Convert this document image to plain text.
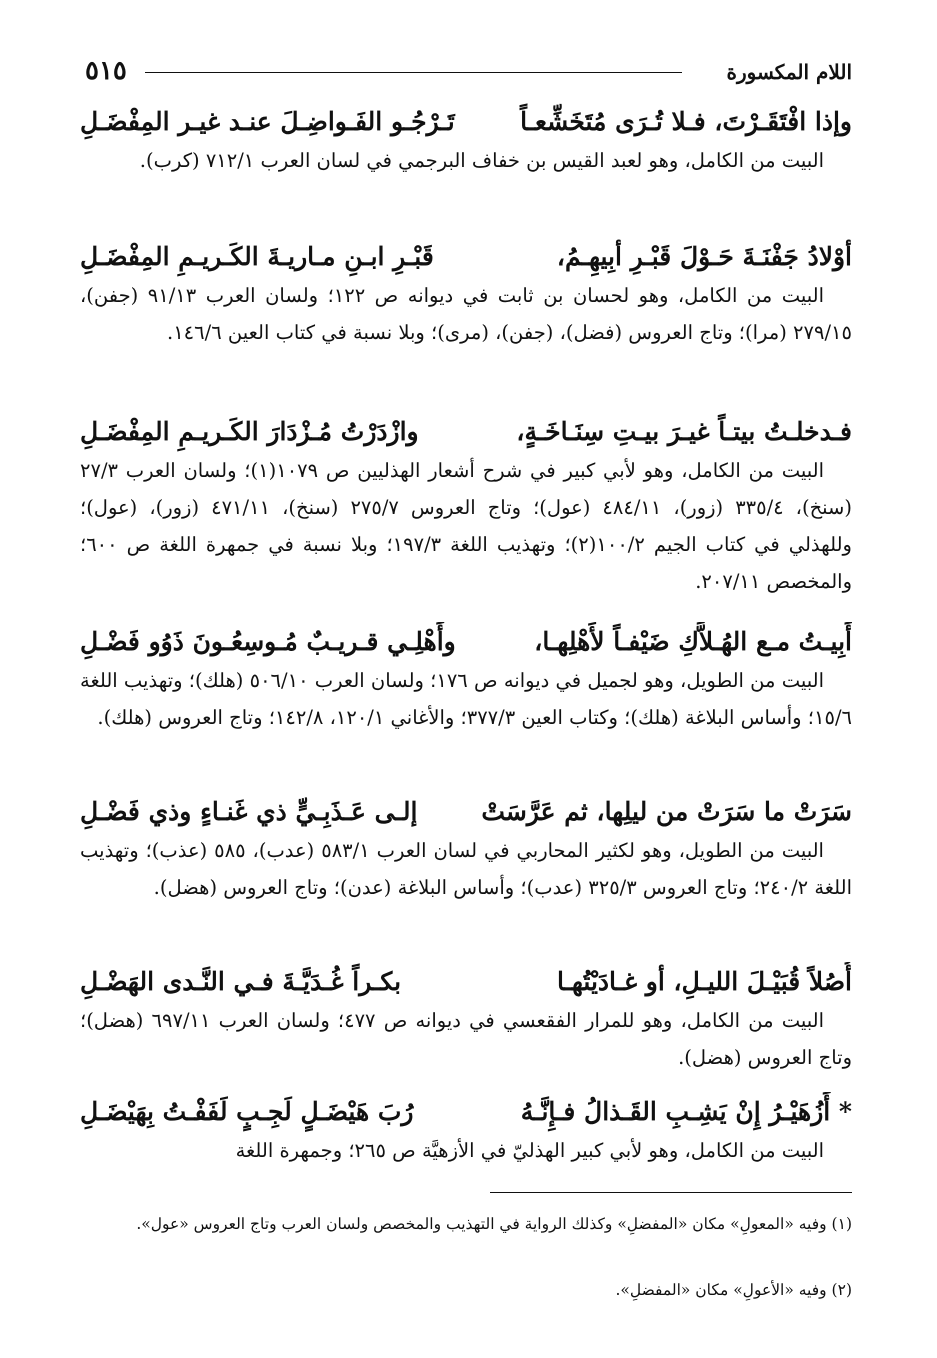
اللام المكسورة
٥١٥
وإذا افْتَقَـرْتَ، فـلا تُـرَى مُتَخَشِّعـاً
تَـرْجُـو الفَـواضِـلَ عنـد غيـر المِفْضَـلِ
البيت من الكامل، وهو لعبد القيس بن خفاف البرجمي في لسان العرب ٧١٢/١ (كرب).
أوْلادُ جَفْنَـةَ حَـوْلَ قَبْـرِ أبِيهِـمُ،
قَبْـرِ ابـنِ مـاريـةَ الكَـريـمِ المِفْضَـلِ
البيت من الكامل، وهو لحسان بن ثابت في ديوانه ص ١٢٢؛ ولسان العرب ٩١/١٣ (جفن)، ٢٧٩/١٥ (مرا)؛ وتاج العروس (فضل)، (جفن)، (مرى)؛ وبلا نسبة في كتاب العين ١٤٦/٦.
فـدخلـتُ بيتـاً غيـرَ بيـتِ سِنَـاخَـةٍ،
وازْدَرْتُ مُـزْدَارَ الكَـريـمِ المِفْضَـلِ
البيت من الكامل، وهو لأبي كبير في شرح أشعار الهذليين ص ١٠٧٩(١)؛ ولسان العرب ٢٧/٣ (سنخ)، ٣٣٥/٤ (زور)، ٤٨٤/١١ (عول)؛ وتاج العروس ٢٧٥/٧ (سنخ)، ٤٧١/١١ (زور)، (عول)؛ وللهذلي في كتاب الجيم ١٠٠/٢(٢)؛ وتهذيب اللغة ١٩٧/٣؛ وبلا نسبة في جمهرة اللغة ص ٦٠٠؛ والمخصص ٢٠٧/١١.
أَبِيـتُ مـع الهُـلاَّكِ ضَيْفـاً لأَهْلِهـا،
وأَهْلِـي قـريـبٌ مُـوسِعُـونَ ذَوُو فَضْـلِ
البيت من الطويل، وهو لجميل في ديوانه ص ١٧٦؛ ولسان العرب ٥٠٦/١٠ (هلك)؛ وتهذيب اللغة ١٥/٦؛ وأساس البلاغة (هلك)؛ وكتاب العين ٣٧٧/٣؛ والأغاني ١٢٠/١، ١٤٢/٨؛ وتاج العروس (هلك).
سَرَتْ ما سَرَتْ من ليلِها، ثم عَرَّسَتْ
إلـى عَـذَبِـيٍّ ذي غَنـاءٍ وذي فَضْـلِ
البيت من الطويل، وهو لكثير المحاربي في لسان العرب ٥٨٣/١ (عدب)، ٥٨٥ (عذب)؛ وتهذيب اللغة ٢٤٠/٢؛ وتاج العروس ٣٢٥/٣ (عدب)؛ وأساس البلاغة (عدن)؛ وتاج العروس (هضل).
أُصُلاً قُبَيْـلَ الليـلِ، أو غـادَيْتُهـا
بكـراً غُـدَيَّـةَ فـي النَّـدى الهَضْـلِ
البيت من الكامل، وهو للمرار الفقعسي في ديوانه ص ٤٧٧؛ ولسان العرب ٦٩٧/١١ (هضل)؛ وتاج العروس (هضل).
* أَزُهَيْـرُ إِنْ يَشِـبِ القَـذالُ فـإِنَّـهُ
رُبَ هَيْضَـلٍ لَجِـبٍ لَفَفْـتُ بِهَيْضَـلِ
البيت من الكامل، وهو لأبي كبير الهذليّ في الأزهيَّة ص ٢٦٥؛ وجمهرة اللغة
(١) وفيه «المعولِ» مكان «المفضلِ» وكذلك الرواية في التهذيب والمخصص ولسان العرب وتاج العروس «عول».
(٢) وفيه «الأعولِ» مكان «المفضلِ».
